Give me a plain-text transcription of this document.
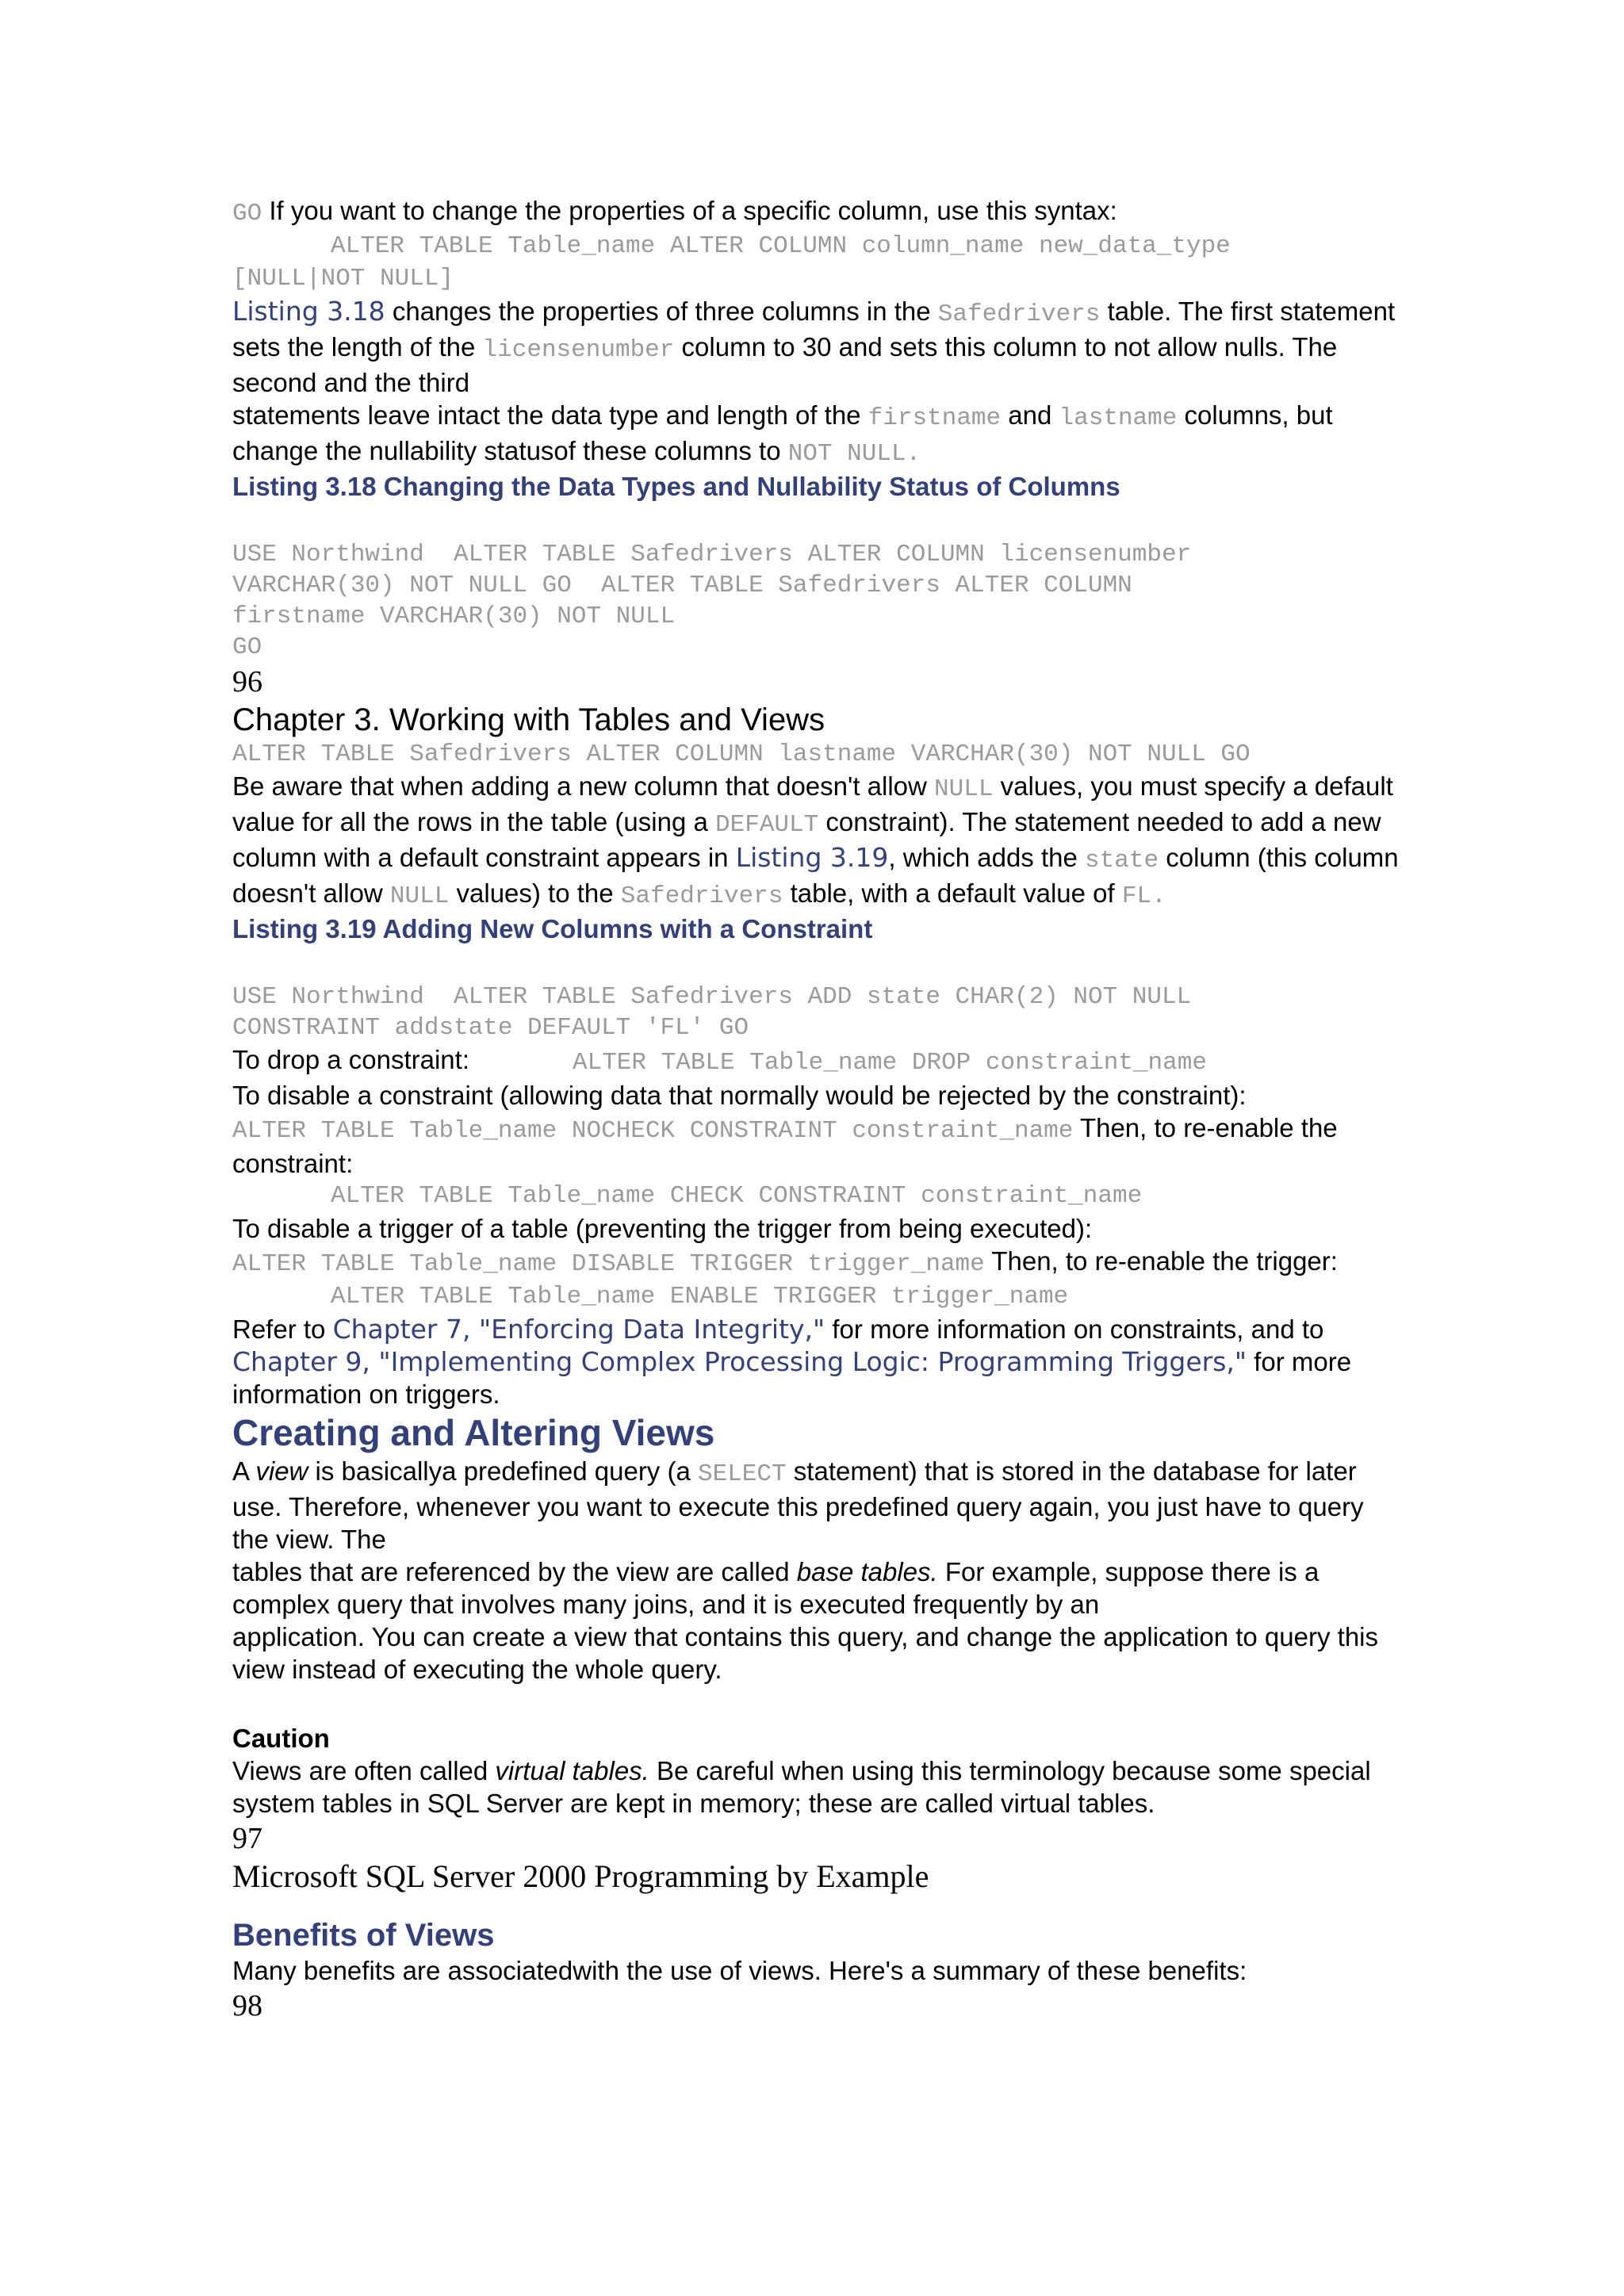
GO If you want to change the properties of a specific column, use this syntax:

ALTER TABLE Table_name ALTER COLUMN column_name new_data_type

[NULL|NOT NULL]

Listing 3.18 changes the properties of three columns in the Safedrivers table. The first statement sets the length of the licensenumber column to 30 and sets this column to not allow nulls. The second and the third
statements leave intact the data type and length of the firstname and lastname columns, but change the nullability statusof these columns to NOT NULL.

Listing 3.18 Changing the Data Types and Nullability Status of Columns

USE Northwind  ALTER TABLE Safedrivers ALTER COLUMN licensenumber

VARCHAR(30) NOT NULL GO  ALTER TABLE Safedrivers ALTER COLUMN

firstname VARCHAR(30) NOT NULL

GO

96

Chapter 3. Working with Tables and Views

ALTER TABLE Safedrivers ALTER COLUMN lastname VARCHAR(30) NOT NULL GO

Be aware that when adding a new column that doesn't allow NULL values, you must specify a default value for all the rows in the table (using a DEFAULT constraint). The statement needed to add a new column with a default constraint appears in Listing 3.19, which adds the state column (this column doesn't allow NULL values) to the Safedrivers table, with a default value of FL.

Listing 3.19 Adding New Columns with a Constraint

USE Northwind  ALTER TABLE Safedrivers ADD state CHAR(2) NOT NULL

CONSTRAINT addstate DEFAULT 'FL' GO

To drop a constraint:	ALTER TABLE Table_name DROP constraint_name

To disable a constraint (allowing data that normally would be rejected by the constraint):

ALTER TABLE Table_name NOCHECK CONSTRAINT constraint_name Then, to re-enable the constraint:

ALTER TABLE Table_name CHECK CONSTRAINT constraint_name

To disable a trigger of a table (preventing the trigger from being executed):

ALTER TABLE Table_name DISABLE TRIGGER trigger_name Then, to re-enable the trigger:

ALTER TABLE Table_name ENABLE TRIGGER trigger_name

Refer to Chapter 7, "Enforcing Data Integrity," for more information on constraints, and to Chapter 9, "Implementing Complex Processing Logic: Programming Triggers," for more information on triggers.

Creating and Altering Views

A view is basicallya predefined query (a SELECT statement) that is stored in the database for later use. Therefore, whenever you want to execute this predefined query again, you just have to query the view. The
tables that are referenced by the view are called base tables. For example, suppose there is a complex query that involves many joins, and it is executed frequently by an
application. You can create a view that contains this query, and change the application to query this view instead of executing the whole query.

Caution

Views are often called virtual tables. Be careful when using this terminology because some special system tables in SQL Server are kept in memory; these are called virtual tables.

97

Microsoft SQL Server 2000 Programming by Example

Benefits of Views

Many benefits are associatedwith the use of views. Here's a summary of these benefits:

98
